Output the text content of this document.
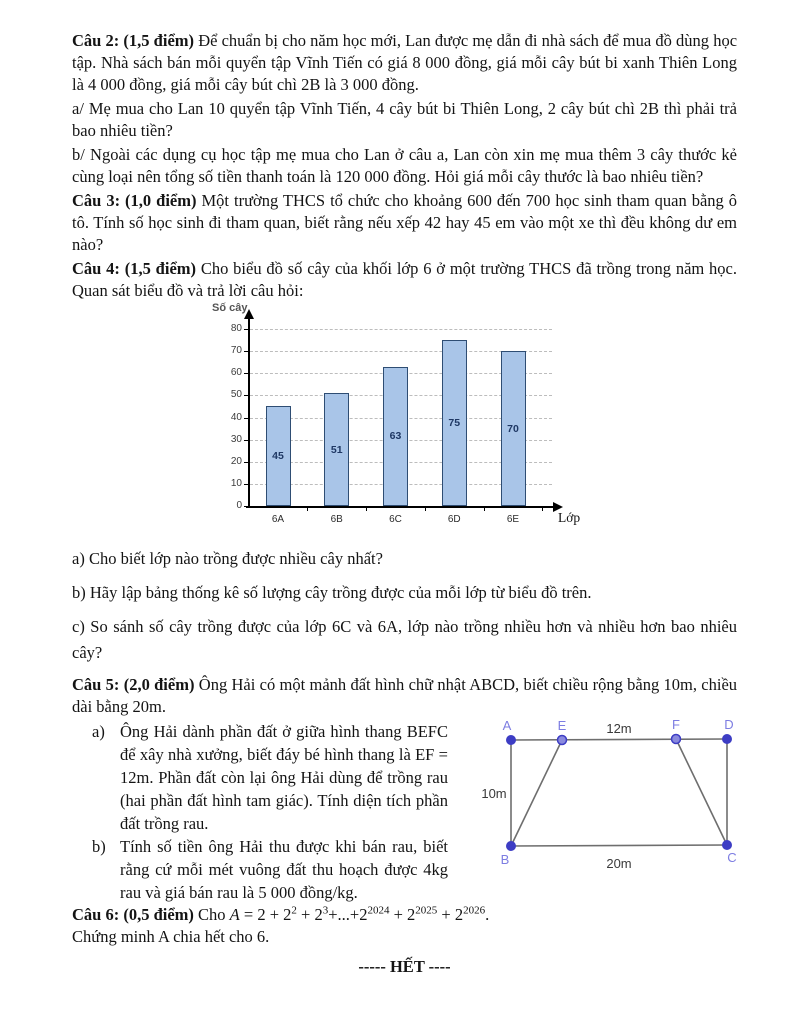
Câu 2: (1,5 điểm) Để chuẩn bị cho năm học mới, Lan được mẹ dẫn đi nhà sách để mua đồ dùng học tập. Nhà sách bán mỗi quyển tập Vĩnh Tiến có giá 8 000 đồng, giá mỗi cây bút bi xanh Thiên Long là 4 000 đồng, giá mỗi cây bút chì 2B là 3 000 đồng.

a/ Mẹ mua cho Lan 10 quyển tập Vĩnh Tiến, 4 cây bút bi Thiên Long, 2 cây bút chì 2B thì phải trả bao nhiêu tiền?

b/ Ngoài các dụng cụ học tập mẹ mua cho Lan ở câu a, Lan còn xin mẹ mua thêm 3 cây thước kẻ cùng loại nên tổng số tiền thanh toán là 120 000 đồng. Hỏi giá mỗi cây thước là bao nhiêu tiền?

Câu 3: (1,0 điểm) Một trường THCS tổ chức cho khoảng 600 đến 700 học sinh tham quan bằng ô tô. Tính số học sinh đi tham quan, biết rằng nếu xếp 42 hay 45 em vào một xe thì đều không dư em nào?

Câu 4: (1,5 điểm) Cho biểu đồ số cây của khối lớp 6 ở một trường THCS đã trồng trong năm học. Quan sát biểu đồ và trả lời câu hỏi:

Số cây
Lớp
0
10
20
30
40
50
60
70
80
45
6A
51
6B
63
6C
75
6D
70
6E

a) Cho biết lớp nào trồng được nhiều cây nhất?

b) Hãy lập bảng thống kê số lượng cây trồng được của mỗi lớp từ biểu đồ trên.

c) So sánh số cây trồng được của lớp 6C và 6A, lớp nào trồng nhiều hơn và nhiều hơn bao nhiêu cây?

Câu 5: (2,0 điểm) Ông Hải có một mảnh đất hình chữ nhật ABCD, biết chiều rộng bằng 10m, chiều dài bằng 20m.

a) Ông Hải dành phần đất ở giữa hình thang BEFC để xây nhà xưởng, biết đáy bé hình thang là EF = 12m. Phần đất còn lại ông Hải dùng để trồng rau (hai phần đất hình tam giác). Tính diện tích phần đất trồng rau.

b) Tính số tiền ông Hải thu được khi bán rau, biết rằng cứ mỗi mét vuông đất thu hoạch được 4kg rau và giá bán rau là 5 000 đồng/kg.

A	E	F	D
B	C
12m
10m
20m

Câu 6: (0,5 điểm) Cho $A = 2 + 2^2 + 2^3+...+2^{2024} + 2^{2025} + 2^{2026}$.

Chứng minh A chia hết cho 6.

----- HẾT ----
